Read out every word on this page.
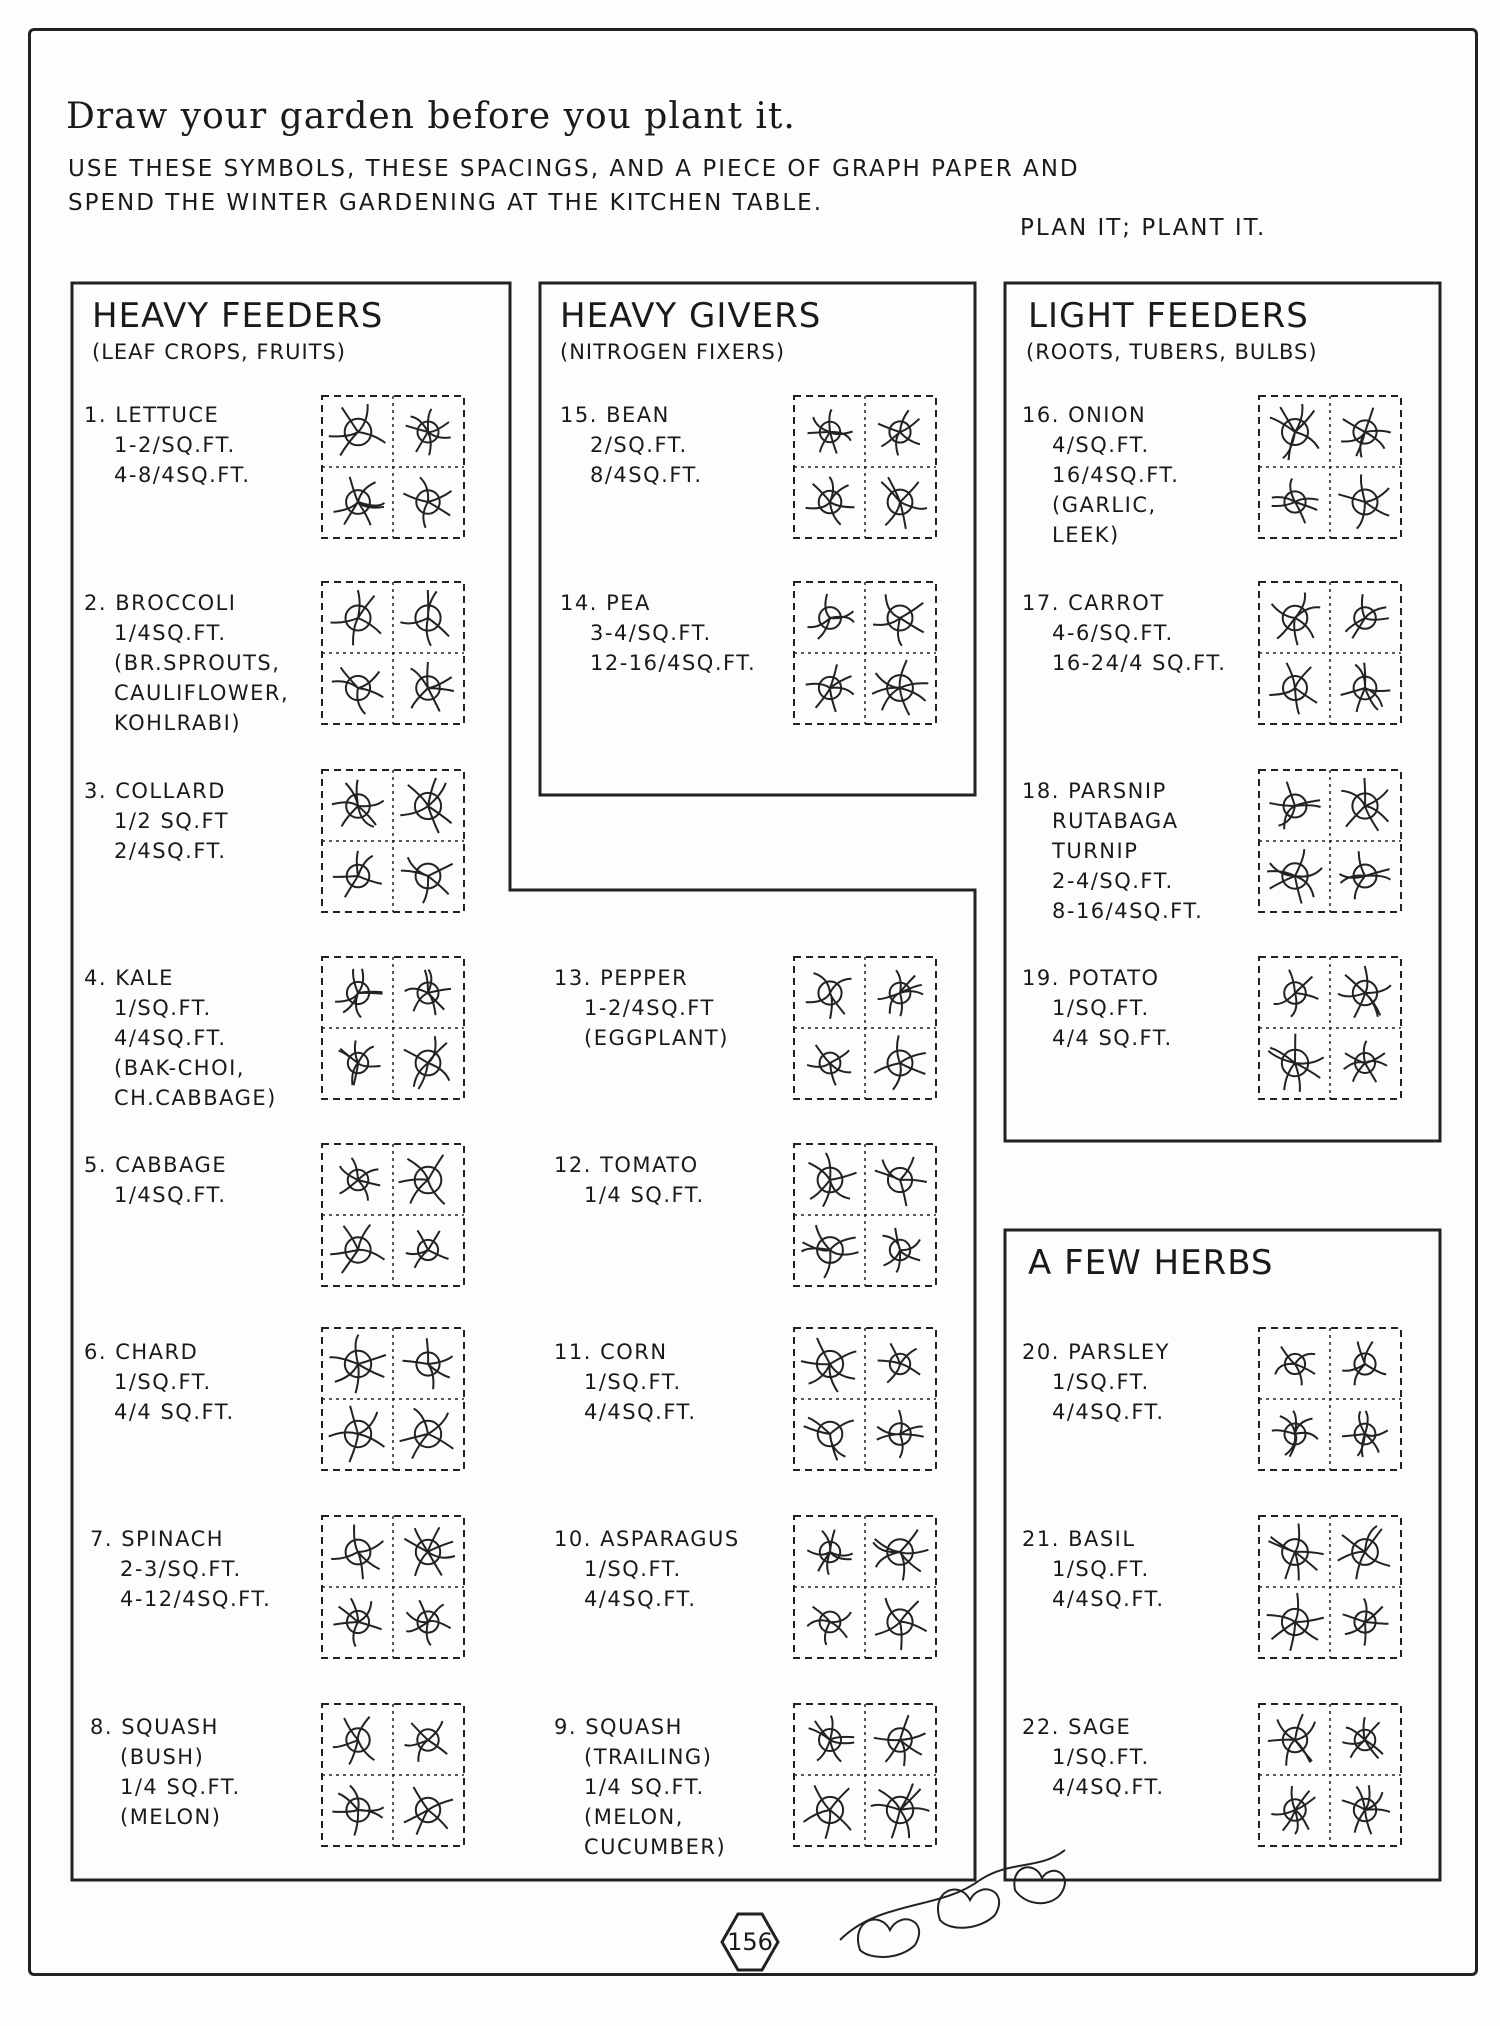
Draw your garden before you plant it.
USE THESE SYMBOLS, THESE SPACINGS, AND A PIECE OF GRAPH PAPER AND
SPEND THE WINTER GARDENING AT THE KITCHEN TABLE.
PLAN IT; PLANT IT.
HEAVY FEEDERS
(LEAF CROPS, FRUITS)
HEAVY GIVERS
(NITROGEN FIXERS)
LIGHT FEEDERS
(ROOTS, TUBERS, BULBS)
A FEW HERBS
1. LETTUCE
1-2/SQ.FT.
4-8/4SQ.FT.
2. BROCCOLI
1/4SQ.FT.
(BR.SPROUTS,
CAULIFLOWER,
KOHLRABI)
3. COLLARD
1/2 SQ.FT
2/4SQ.FT.
4. KALE
1/SQ.FT.
4/4SQ.FT.
(BAK-CHOI,
CH.CABBAGE)
5. CABBAGE
1/4SQ.FT.
6. CHARD
1/SQ.FT.
4/4 SQ.FT.
7. SPINACH
2-3/SQ.FT.
4-12/4SQ.FT.
8. SQUASH
(BUSH)
1/4 SQ.FT.
(MELON)
9. SQUASH
(TRAILING)
1/4 SQ.FT.
(MELON,
CUCUMBER)
10. ASPARAGUS
1/SQ.FT.
4/4SQ.FT.
11. CORN
1/SQ.FT.
4/4SQ.FT.
12. TOMATO
1/4 SQ.FT.
13. PEPPER
1-2/4SQ.FT
(EGGPLANT)
14. PEA
3-4/SQ.FT.
12-16/4SQ.FT.
15. BEAN
2/SQ.FT.
8/4SQ.FT.
16. ONION
4/SQ.FT.
16/4SQ.FT.
(GARLIC,
LEEK)
17. CARROT
4-6/SQ.FT.
16-24/4 SQ.FT.
18. PARSNIP
RUTABAGA
TURNIP
2-4/SQ.FT.
8-16/4SQ.FT.
19. POTATO
1/SQ.FT.
4/4 SQ.FT.
20. PARSLEY
1/SQ.FT.
4/4SQ.FT.
21. BASIL
1/SQ.FT.
4/4SQ.FT.
22. SAGE
1/SQ.FT.
4/4SQ.FT.
156
